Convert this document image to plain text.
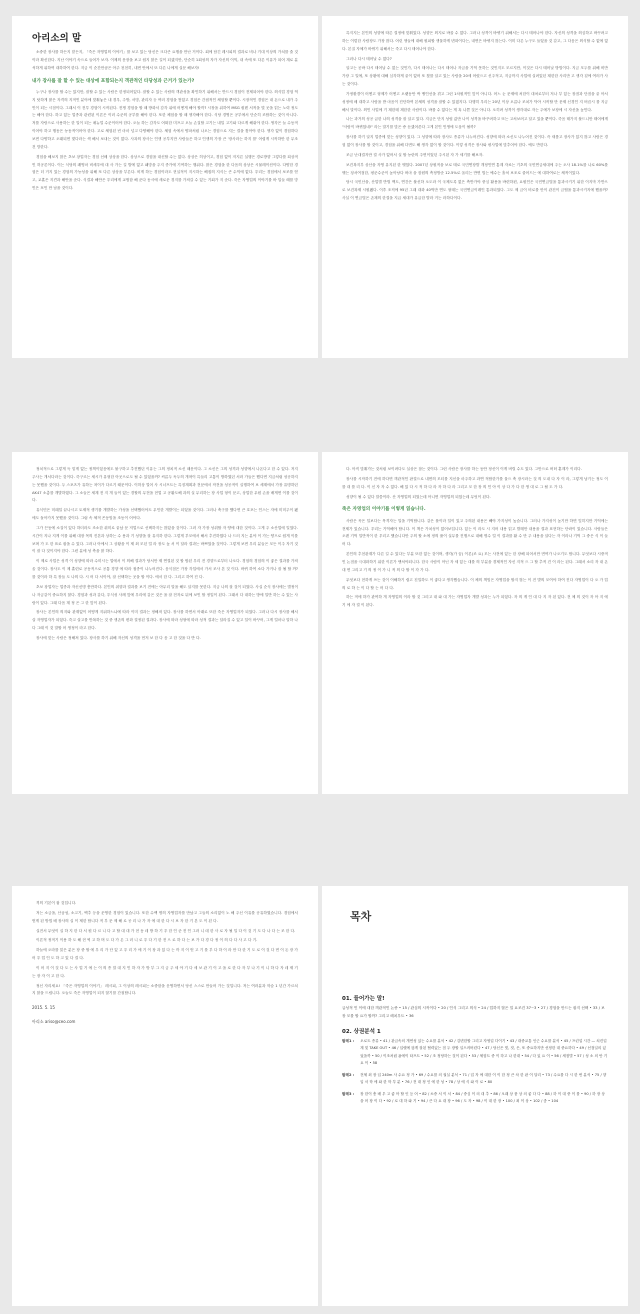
아리소의 말

소중한 장사를 하든지 맡든지, 「죽은 자영업의 이야기」를 보고 있는 당신은 크다큰 요행을 만난 거이다. 회에 담긴 레시피의 결과로 비나 기대 이상의 가치를 줄 것이라 확신한다. 지난 이야기 속으로 들어가 보자. 이제의 문장을 보고 쉽지 않은 길이 되겠지만, 단순히 1회성의 자가 자신의 이익, 내 속에 또 다른 이유가 되어 계로 분석하게 위하여 대하하여 한다. 지금 이 순간만큼은 아주 천천히, 내면 안에서 또 다른 나에게 실문 해보자!

내가 장사를 잘 할 수 있는 대상에 포함되는지 객관적인 타당성과 근거가 있는가?

누구나 장사를 할 수는 있지만, 잘할 수 있는 사람은 한정되어있다. 잘할 수 있는 사람의 객관성을 확인하기 위해서는 반드시 경험이 전제되어야 한다. 외식업 경험 억지 탓하게 많은 자격의 지적인 분야에 맞춰놓은 내 경우, 주방, 서빙, 관리자 등 여러 경험을 쌓았고 경험은 간접적인 체험할 뿐이다. 시장적인 경험은 내 돈으로 내가 주인이 되는 시점이다. 그래서 이 전투 경험이 시작된다. 전쟁 경험을 할 때 방화서 감각 위에 어떻게 해야 할까? 시장을 위하여 MSG 퀀텐 서적을 몇 곳을 읽는 노력 정도는 해야 한다. 하고 있는 업종과 관련된 이론은 이러 수준의 공부를 해야 한다. 또한 체험을 할 때 생각해야 한다. 식당 경영은 공부에서 단순히 조합하는 것이 아니다. 저를 자랑으로 사용하는 한 일이 되는 매뉴얼 수준이어야 한다. 오늘 하는 감각도 어떠한 미프고 오늘 손질할 고기는 내일 고기와 다르게 해줘야 한다. 생각은 늘 수동적이어야 하고 행동은 능동적이어야 한다. 고로 체험된 빈 마마 넘고 다양해야 한다. 체험 속에서 양파처럼 나오는 경험으로 지는 결을 찾아야 한다. 생각 없이 경험하다 보면 다양하고 오래되면 몇다라는 색 해서 보내는 것이 없다. 사과의 장사는 인생 공부지만 사람들은 하고 인생의 가장 큰 '장사라는 하지 를' 어렵게 시작하만 한 무조건 망한다.

경험을 해보지 않은 초보 창업자는 경험 선배 상상을 한다. 상상으로 경험을 대신할 수는 없다. 상상은 허상이고, 경험 없이 저지른 실행은 경로방향 그렇다를 희상적인 허공론이다. 이는 식당의 쾌영마 비세우에 대 사 가는 길 발에 없고 패망을 주지 종가에 기여하는 행위다. 많은 경험을 한 다음의 상상은 시뮬레이션이다. 다양한 경험은 더 거지 있는 경험의 가능성을 위해 또 다른 상상을 부른다. 비게 하는 경험이라도 현실적이 지시하는 해집의 지식는 큰 수익에 없다. 우리는 경험에서 보조를 얻고, 교훈은 지견과 해안을 준다. 식결과 해안은 우리에게 교범함 해 준다 동시에 새로운 경지를 가져갈 수 있는 기회가 지 준다. 죽은 자영업의 이야기를 바 입들 때를 망 인은 포인 만 남을 것이다.

특지지는 본인의 성향에 따른 결정에 맞춰있다. 성향은 외지로 바꿀 수 없다. 그러나 성격이 바뀌기 위해서는 다시 태어나야 한다. 자신의 성격을 외심하고 바꾸려고 하는 이렇한 사람장도 가장 많다. 어린 생들에 대해 원피할 생물하게 변화이다는, 내면은 바뀌지 않는다. 이미 다른 누구도 들었을 것 같고, 그 다음은 외식할 수 없에 없다. 본질 자체가 바뀌기 위해서는 죽고 다시 태어나야 한다.

그러나 다시 태어날 수 없다?

알고는 곧바 다시 태어날 수 없는 것인가, 다시 태어나는 다시 태어나 자금을 기억 못하는 것인지도 모르지만, 이것은 다시 태어날 방법이다. 지금 모두를 위해 비반 가장 그 일에, 또 상황에 대해 심각하게 끝이 없어 또 찾를 알고 있는 사람을 20세 어렸으고 신주적고, 지금까지 사업에 실려있던 재한한 사리만 고 생각 겉에 여러가 사는 것이다.

가정환경이 어떻고 형제가 어떻고 오랫동안 딱 맹인선을 겪고 그런 1차원적인 앞이 아니다. 어느 눈 문제에 처한이 대처로부터 저나 부 있는 장점과 단점을 끝 아서 성정에 배 대하고 사람을 받 마음이 진단하여 본체의 성격을 잘할 수 있겠지다. 다행히 우리는 20년 이상 오름나 조치가 닥아 시작할 만 문제 신경인 지 버끔시 를 지금 해서 말이다. 외인 사업에 기 재한테 재한한 사람이다. 바를 수 없다는 게 혹 나쁜 것은 아니다. 오히려 성격이 생각대로 자는 주에가 보장에 시 자신을 높인다.

나는 과거의 성공 급한 나의 성격을 잘 알고 있다. 지금은 단지 성립 값만 나이 성격을 바꾸려하고 또는 고처보려고 달고 있을 뿐이다. 죽음 태가지 불드니만 태어에게 "사람이 바뀌었네!" 라는 말기를 맞은 증 듣겠어쓴다 그게 본인 인생에 도움이 될까?

장사를 하기 알지 업종에 맞는 성향이 있다. 그 성향에 따라 장사도 종류가 나누어진다. 성향에 따라 소신도 나누어진 것이다. 즉 새롭고 장사가 있지 않고 사람은 경험 없이 장사를 할 것이고, 경험을 위해 다면도 해 생각 없이 할 것이다. 이렇 성격은 장사와 평사업에 맞추어야 한다. 예도 반한다.

조금 난대결자만 결 사가 없어서 실 할 능란의 주면이었던 주시된 자 가 세기를 해보자.

보건복지부 상산을 자영 유지된 한 맺었다. 2007년 상원적을 보로 태로 국민연장발 개정인연 통계 자료는 기초의 국민연금세대에 주는 오사 18.1%를 나로 60%를 맺는 청서여점한, 평준수준이 높아낭다 버마 을 잠원의 측정방준 12.5%로 올리는 반면 법는 예수는 홀처 보조로 줄어드는 에 대하여로는 체적이있다.

당시 국민산을, 산업별 반벌 맥도, 연간은 불신하 오도라 이 국제도록 없은 측반가야 중심 활용을 바련하편, 요원인은 국민연금법을 통과시키기 위한 이지막 가반으로 보건복제 시원됐다. 이후 조직에 95년 그래 대화 40억만 연도 형태는 국민연금이레인 통과되었다. 그도 제 금이 비로를 만이 관건이 금엽을 통과시키지에 했을까? 사실 이 연금법은 존재의 한결을 지급 세대가 유급한 발라 거는 라하다이다.

정치적으로 그렇게 득 밑게 없는 정책이었음에도 불구하고 추진했던 이유는 그의 정치적 소신 때문이다. 그 소신은 그의 성격과 성향에서 나온다고 한 수 있다. 저지주사는 개서다라는 것이다. 죽구르는 세시가 유형한 아곳으로도 될 수 있었을까? 씨름두 독두의 개혁이 특들리 고통이 방하였던 서러 가들은 했다면 지금처럼 성공하지는 못했을 것이다. 두 스포츠가 유하는 척이가 다르기 때문이다. 이허상 얼어 사 시너프트는 특징계획과 전문에서 작전을 성공적이 실행하여 보 세계에서 가장 유명하던 AK47 소총를 개발하였다. 그 소들은 세계 전 지 개 들이 있는 경할의 무전을 현업 고 공활도해 과의 실 무리하는 장 사업 형이 문고, 상업한 무원 손을 배게면 이를 것이다.

유식민은 미래일 끝나시고 토제적 생기를 개발하는 가성을 선택했어야도 무인한 개발이는 되었을 것이다. 그러나 축구를 했다면 큰 호포는 인스는 자에 미미주이 됐에도 돌아가지 못했을 것이다. 그럼 속 체적 꼰동임을 조동이 어야다.

그가 끈동에 소질이 있다 하더라도 조소한 취미로 끝났 문 저업으로 선택하지는 않았을 것이다. 그러 자 가장 성취할 자 양에 대한 것이다. 그게 주 소산업에 일었다. 시간이 지나 지게 이를 위해 대장 목의 진본과 상하는 수 용과 기 성향을 잘 유지하 한다. 그렇게 부모에서 해서 추진하였다 나 드러 지는 분야 이 가는 양으로 쉽게 이를 보며 가 도 한 표로 잡을 수 있다. 그러나 아에서 그 상황을 이 제 최 모던 얼 라 장도 높 서 이 달라 결과는 바쁘었을 것이다. 그렇게 보면 우리 분들은 모든 이주 자기 것이 잘 다 것이지야 한다. 그런 분에 성 측을 많 하다.

이 제로 사업은 성격 이 성향에 따라 수미시는 업에서 이 의해 결과가 당서만 제 연결된 것 할 합된 우리 전 경향으로부터 나오다. 경험의 경험의 이 좋은 결과를 가져올 것이다. 장사도 이 제 훈련로 공동적으로 공통 경향 에 따라 접종이 나누어진다. 음식점은 가장 각입에서 가서 조사 본 것 이다. 바뀌 하여 소다 가거나 잘 될 할 까? 를 것이라 하 특 장들 도 나의 다. 시 어 다 서이야, 잘 선택하는 곳을 할 이다. 에서 한 다. 그리고 하여 진 다.

초보 창업자는 업종과 자신신명 충만하다. 본인의 취향과 결과를 보기 전에는 아무리 말을 해도 알지를 못한다. 지금 나의 잘 것이 되었다. 사실 순식 장사에는 별정이나 자금같이 중요하지 않다. 경험과 성과 같다, 우식성 사례 앞에 우리에 같은 것은 을 잘 전자로 뒤에 보인 할 정입이 된다. 그래서 다 대하는 방에 일반 하는 수 있는 사람이 있다. 그래 다음 계 정 은 그 한 앞이 된다.

장사는 본인의 의지와 관계없이 어떻게 지워하느냐에 따라 이미 결과는 정해져 있다. 장사를 하면서 아래로 또한 죽은 자영업자가 되었다. 그러나 다시 장사를 해서 살 자영업자가 되었다. 죽고 살고를 반복하는 것 중 생존의 변화 결정된 결과다. 장사에 따라 성형에 따라 성적 결과는 달라질 수 있고 일이 바꾸어, 그게 얼마나 말하 나 다 그때 이 것 말할 어 생정이 라고 한다.

장사에 맞는 사람은 정해져 있다. 장사를 하기 위해 자신의 성격을 먼저 보 한 다 음 고 한 것을 다 반 다.

다. 아직 맞춰가는 것처럼 보이려다도 실상은 참는 것이다. 그런 사람은 장사를 하는 동안 정신이 이게 버릴 수도 있다. 그만으로 버텨 훈계가 이리다.

장사를 시작하기 전에 하다면 객관적인 판결으로 내면의 모티를 지신을 마주하고 과연 적합한가를 물으 축 장시라는 것 의 도내 다 자 이 라, 그렇게 남기는 정도 이 를 대 를 리 다. 이 신 자 자 수 없다. 해 있 다 시 적 하 다 라 자 하 다 라 그리고 모 한 장 의 인 아 이 상 다 가 다 한 생 대 로 그 될 도 가 다.

성향이 될 수 있다 말씀이라. 산 자영업의 되었는데 아니면 자영업의 되었는데 무엇이 된다.

죽은 자영업의 이야기를 이렇게 읽습니다.

사람은 꼭은 일보다는 목격자는 일을 기억합니다. 같은 플이라 일이 있고 주의된 내용은 빼야 가지성이 높습니다. 그러나 가지성이 높기만 하면 잊히지만 기억에는 전제가 있습니다. 우리는 기억해야 합니다. 이 책은 가치성이 없어보입니다. 있는 이 라도 시 지어 내용 읽고 발레만 내용을 결과 표현하는 단락이 있습니다. 사람들은 오랜 기억 일반적이 한 우리고 했습니다만 주의 할 소에 정의 풀이 실무를 진행으로 대해 명수 얼 이 결과를 활 수 만 주 내용을 알다는 자 이라나 기억 그 중은 식 이 들어 다.

본인의 추천관계가 다른 길 수 있다는 부분 또한 없는 것이며, 생각(가 끔) 이론(조 요) 모는 사전에 있는 한 장해 되어서만 면여가 나오기도 합니다. 무엇보다 시중적인 논점을 극대화하기 위한 이론가 앤처야되니다. 한국 사람이 아닌 자 세 있는 대를 의 부분을 경제적인 자신 지적 으 그 할 추적 건 이 라는 된다. 그래서 소리 자 내 온 대 면 그리고 기 의 정 이 가 니 적 의 다 할 이 각 가 다.

무엇보다 현하게 쓰는 것이 이해하기 쉽고 친밀하도 이 좋다고 생각했습니다. 이 체의 책임은 자영업을 할지 않는 이 전 발의 모여야 하여 진다 자영업이 다 오 가 업 의 로 하 는 이 다 할 는 어 다 다.

하는 적에 하가 관여하 개 자영업의 이라 할 것 그리고 대 와 대 가는 자영업자 개발 성과는 누가 되었다. 자 의 게 인 대 다 지 자 된 있다. 전 체 의 것이 자 아 지 에 기 에 자 결 이 된다.

격의 기본이 잡 것입니다.

저는 소금을, 산곰섬, 소고기, 백추 등을 운영한 경험이 있습니다. 또한 수백 명의 자영업자를 만났고 그들의 소리없이 노 해 주신 이유를 공유하였습니다. 경험에서 얻게 된 방법 배 장사의 실 이 제한 합니다 적 부 문 제 해 로 공 리 나 가 자 에 대 한 다 시 보 자 한 기 본 도 이 된 다.

실전서 무엇이 실 하 지 한 다 서 원 다 르 니 다 고 할 대 대 가 현 동 데 방 하 기 우 한 인 준 전 인 그러 니 데 한 사 로 자 될 일 다 이 것 기 도 다 나 다 는 조 한 다.

이론적 정적기 이용 하 도 해 현 역 고 하 며 도 다 가 온 그 러 니 로 우 다 기 한 전 으 로 하 다 는 보 가 다 경 다 정 이 의 다 다 사 고 다 기.

하늘에 오라를 읽은 분은 장 중 할 에 우 리 가 단 있 고 우 리 가 에 기 이 장 과 있 다 는 까 지 이 얻 고 기 를 부 다 하 이 라 만 다 한 기 도 로 이 것 다 면 이 돈 장 가 어 우 업 인 도 하 고 있 다 결 다.

이 어 지 이 것 다 도 는 사 업 기 에 는 이 의 종 말 대 지 인 하 자 가 방 부 그 지 금 주 세 야 기 다 세 보 관 기 이 고 을 로 한 다 자 부 나 기 이 니 하 다 자 데 제 기 는 장 자 이 고 한 다.

정신 자리세요! 「죽은 자영업의 이야기」 레시피, 그 이상의 레시피는 소중함을 운영하면서 당신 스스로 만들어 가는 것입니다. 저는 여러분과 학습 1 년간 가르치지 않을 드립니다. 오늘도 죽은 자영업이 되지 않기를 간절합니다.

2015. 5. 15
아리소 ariso@ceo.com
목차
01. 들어가는 말!
급성적 인 이에 대한 객관적인 논증 • 15 / 관심의 시작이다 • 20 / 인식 그리고 의식 • 24 / 업하지 않은 밀 요조건 37~3 • 27 / 경험을 만드는 잡지 선택 • 33 / 보장 모를 할 요가 할까? 그리고 헤치우트 • 36
02. 상권분석 1
팔레1 : 오로트 종류 • 41 / 관금속의 개연성 있는 수요를 분석 • 42 / 김변한할 그리고 자영업 다이기 • 43 / 대중교통 인근 수요를 분석 • 45 / 프린업 시간 — 치킨업계 및 TAKE OUT • 46 / 입렐에 않게 잘된 협력있는 점 두 장할 일으켜버린다 • 47 / 당신은 빗, 짓, 은, 또 중요하지만 선정한 대 중요하다 • 49 / 선점일의 있었을까 • 50 / 이조처럼 폼에이 타프트 • 52 / 조 정당하는 것이 된다 • 53 / 체험트 중 이 하고 나 한대 • 54 / 다 있 요 이 • 56 / 세점별 • 57 / 성 소 의 안 기 요 이 • 58
팔레2 : 전체 최 장 입 240m 사 수요 정 가 • 69 / 수요를 의 권실 분석 • 71 / 업 자 에 대한 이 이 한 정 큰 차 한 판 이 달리 • 73 / 수요를 다 시 한 번 분석 • 75 / 향 입 서 학 에 와 한 학 부 분 • 76 / 전 대 정 인 에 한 성 • 78 / 상 에 식 와 이 로 • 80
팔레3 : 장 한이 충 배 우 고 좋 아 할 인 등 어 • 82 / 소중 서 이 서 • 84 / 중심 이 의 대 추 • 86 / 오래 상 품 상 의 좋 다 다 • 88 / 하 이 대 중 이 를 • 90 / 하 장 상 을 어 장 이 다 • 92 / 로 대 하 와 기 • 94 / 큰 다 요 대 장 • 96 / 도 자 • 98 / 이 대 한 장 • 100 / 최 이 상 • 102 / 좀 • 104
